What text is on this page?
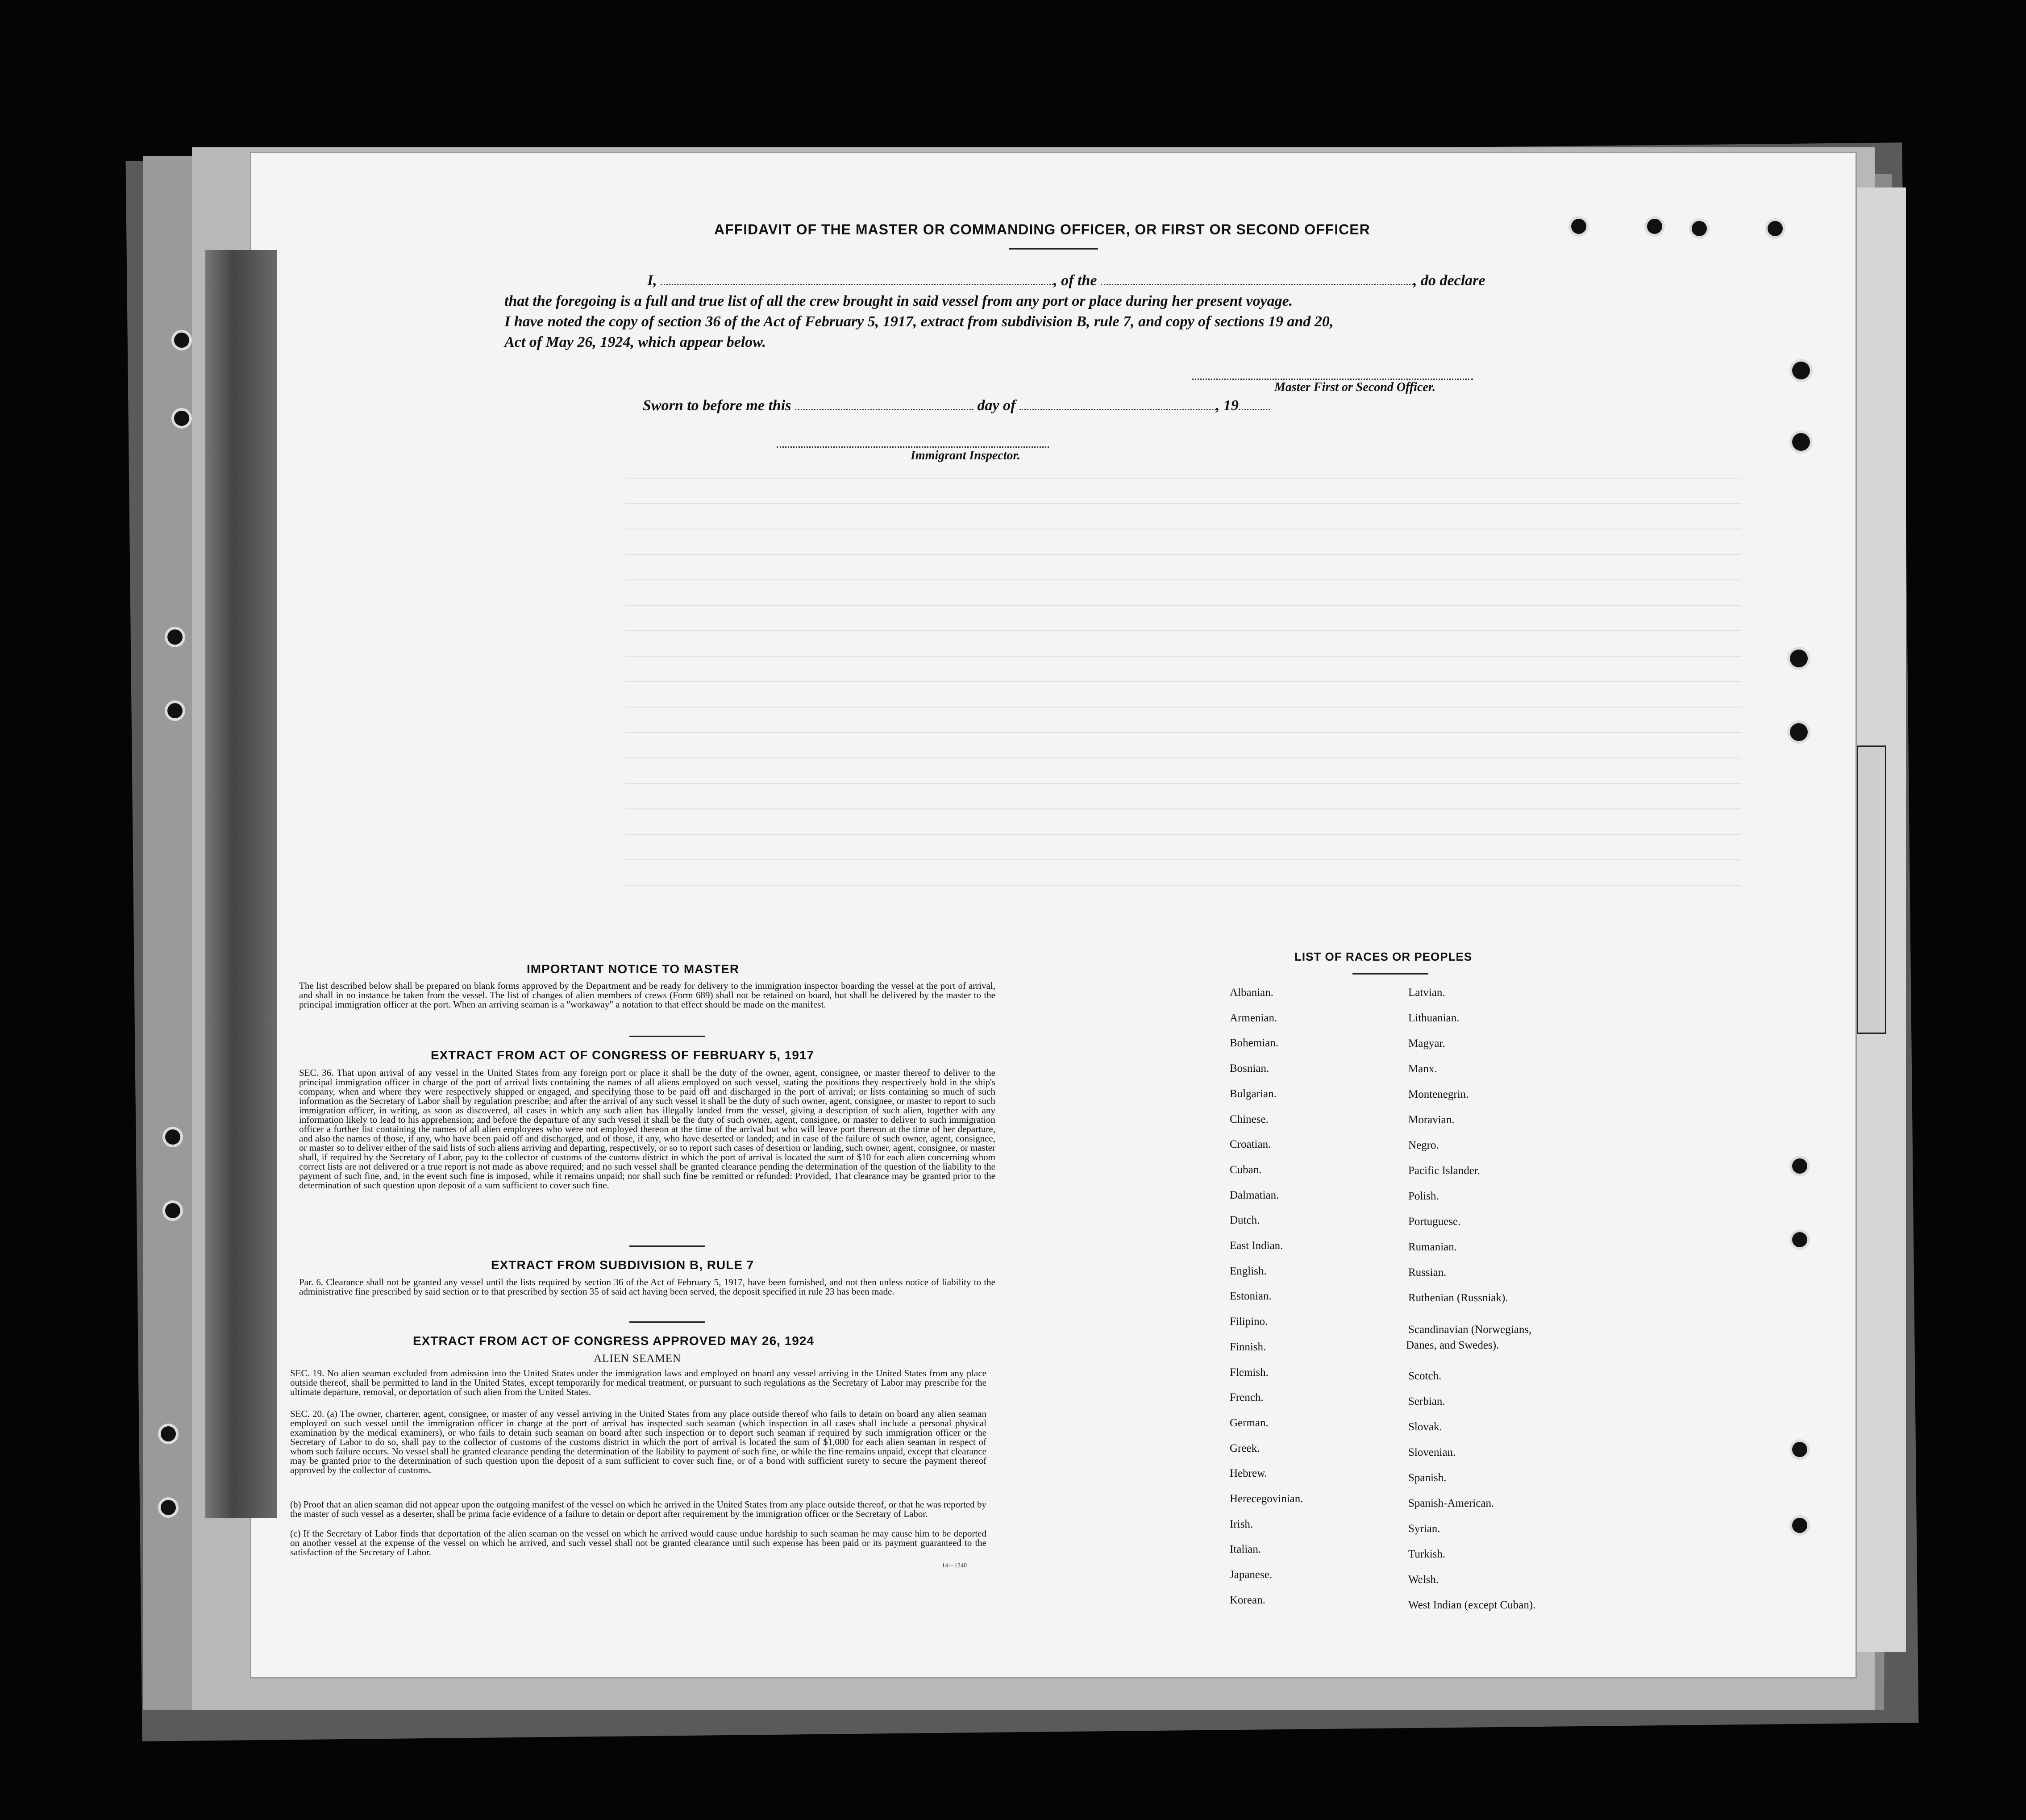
AFFIDAVIT OF THE MASTER OR COMMANDING OFFICER, OR FIRST OR SECOND OFFICER
I,	, of the	, do declare
that the foregoing is a full and true list of all the crew brought in said vessel from any port or place during her present voyage.
I have noted the copy of section 36 of the Act of February 5, 1917, extract from subdivision B, rule 7, and copy of sections 19 and 20,
Act of May 26, 1924, which appear below.
Master First or Second Officer.
Sworn to before me this	day of	, 19
Immigrant Inspector.
IMPORTANT NOTICE TO MASTER
The list described below shall be prepared on blank forms approved by the Department and be ready for delivery to the immigration inspector boarding the vessel at the port of arrival, and shall in no instance be taken from the vessel. The list of changes of alien members of crews (Form 689) shall not be retained on board, but shall be delivered by the master to the principal immigration officer at the port. When an arriving seaman is a "workaway" a notation to that effect should be made on the manifest.
EXTRACT FROM ACT OF CONGRESS OF FEBRUARY 5, 1917
SEC. 36. That upon arrival of any vessel in the United States from any foreign port or place it shall be the duty of the owner, agent, consignee, or master thereof to deliver to the principal immigration officer in charge of the port of arrival lists containing the names of all aliens employed on such vessel, stating the positions they respectively hold in the ship's company, when and where they were respectively shipped or engaged, and specifying those to be paid off and discharged in the port of arrival; or lists containing so much of such information as the Secretary of Labor shall by regulation prescribe; and after the arrival of any such vessel it shall be the duty of such owner, agent, consignee, or master to report to such immigration officer, in writing, as soon as discovered, all cases in which any such alien has illegally landed from the vessel, giving a description of such alien, together with any information likely to lead to his apprehension; and before the departure of any such vessel it shall be the duty of such owner, agent, consignee, or master to deliver to such immigration officer a further list containing the names of all alien employees who were not employed thereon at the time of the arrival but who will leave port thereon at the time of her departure, and also the names of those, if any, who have been paid off and discharged, and of those, if any, who have deserted or landed; and in case of the failure of such owner, agent, consignee, or master so to deliver either of the said lists of such aliens arriving and departing, respectively, or so to report such cases of desertion or landing, such owner, agent, consignee, or master shall, if required by the Secretary of Labor, pay to the collector of customs of the customs district in which the port of arrival is located the sum of $10 for each alien concerning whom correct lists are not delivered or a true report is not made as above required; and no such vessel shall be granted clearance pending the determination of the question of the liability to the payment of such fine, and, in the event such fine is imposed, while it remains unpaid; nor shall such fine be remitted or refunded: Provided, That clearance may be granted prior to the determination of such question upon deposit of a sum sufficient to cover such fine.
EXTRACT FROM SUBDIVISION B, RULE 7
Par. 6. Clearance shall not be granted any vessel until the lists required by section 36 of the Act of February 5, 1917, have been furnished, and not then unless notice of liability to the administrative fine prescribed by said section or to that prescribed by section 35 of said act having been served, the deposit specified in rule 23 has been made.
EXTRACT FROM ACT OF CONGRESS APPROVED MAY 26, 1924
ALIEN SEAMEN
SEC. 19. No alien seaman excluded from admission into the United States under the immigration laws and employed on board any vessel arriving in the United States from any place outside thereof, shall be permitted to land in the United States, except temporarily for medical treatment, or pursuant to such regulations as the Secretary of Labor may prescribe for the ultimate departure, removal, or deportation of such alien from the United States.
SEC. 20. (a) The owner, charterer, agent, consignee, or master of any vessel arriving in the United States from any place outside thereof who fails to detain on board any alien seaman employed on such vessel until the immigration officer in charge at the port of arrival has inspected such seaman (which inspection in all cases shall include a personal physical examination by the medical examiners), or who fails to detain such seaman on board after such inspection or to deport such seaman if required by such immigration officer or the Secretary of Labor to do so, shall pay to the collector of customs of the customs district in which the port of arrival is located the sum of $1,000 for each alien seaman in respect of whom such failure occurs. No vessel shall be granted clearance pending the determination of the liability to payment of such fine, or while the fine remains unpaid, except that clearance may be granted prior to the determination of such question upon the deposit of a sum sufficient to cover such fine, or of a bond with sufficient surety to secure the payment thereof approved by the collector of customs.
(b) Proof that an alien seaman did not appear upon the outgoing manifest of the vessel on which he arrived in the United States from any place outside thereof, or that he was reported by the master of such vessel as a deserter, shall be prima facie evidence of a failure to detain or deport after requirement by the immigration officer or the Secretary of Labor.
(c) If the Secretary of Labor finds that deportation of the alien seaman on the vessel on which he arrived would cause undue hardship to such seaman he may cause him to be deported on another vessel at the expense of the vessel on which he arrived, and such vessel shall not be granted clearance until such expense has been paid or its payment guaranteed to the satisfaction of the Secretary of Labor.
14—1240
LIST OF RACES OR PEOPLES
Albanian.
Armenian.
Bohemian.
Bosnian.
Bulgarian.
Chinese.
Croatian.
Cuban.
Dalmatian.
Dutch.
East Indian.
English.
Estonian.
Filipino.
Finnish.
Flemish.
French.
German.
Greek.
Hebrew.
Herecegovinian.
Irish.
Italian.
Japanese.
Korean.
Latvian.
Lithuanian.
Magyar.
Manx.
Montenegrin.
Moravian.
Negro.
Pacific Islander.
Polish.
Portuguese.
Rumanian.
Russian.
Ruthenian (Russniak).
Scandinavian (Norwegians,
Danes, and Swedes).
Scotch.
Serbian.
Slovak.
Slovenian.
Spanish.
Spanish-American.
Syrian.
Turkish.
Welsh.
West Indian (except Cuban).
